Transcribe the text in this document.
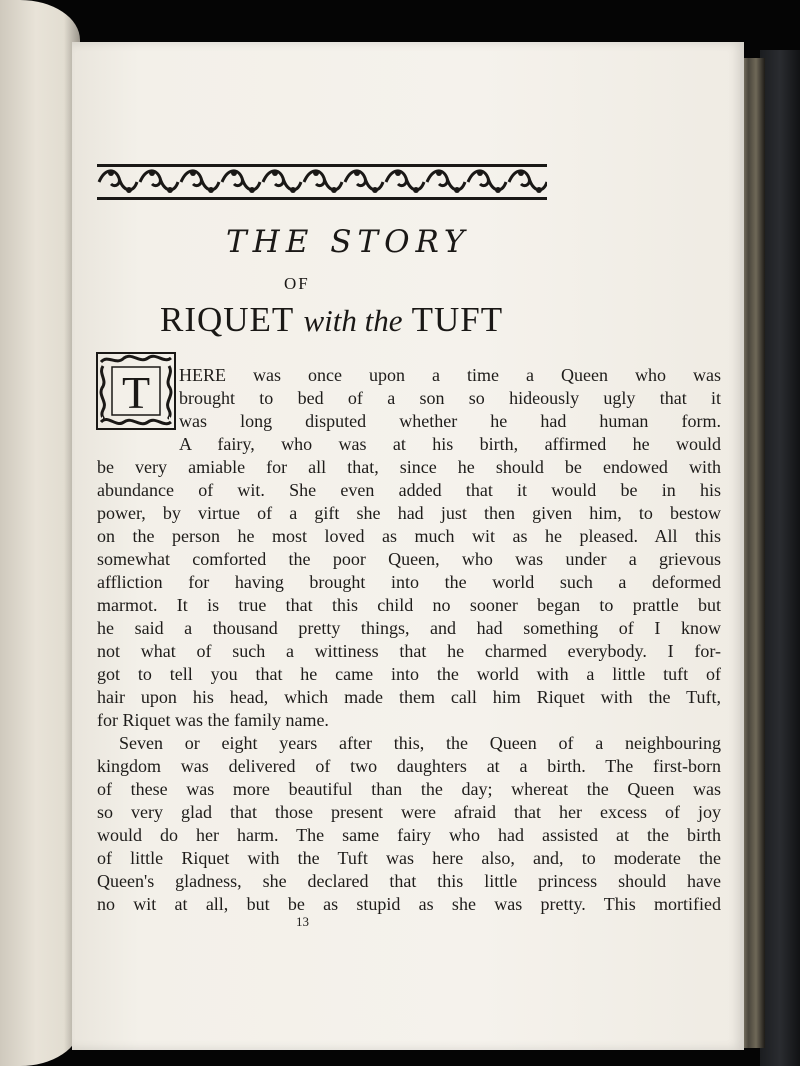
THE STORY
OF
RIQUET with the TUFT
T HERE was once upon a time a Queen who was
brought to bed of a son so hideously ugly that it
was long disputed whether he had human form.
A fairy, who was at his birth, affirmed he would
be very amiable for all that, since he should be endowed with
abundance of wit. She even added that it would be in his
power, by virtue of a gift she had just then given him, to bestow
on the person he most loved as much wit as he pleased. All this
somewhat comforted the poor Queen, who was under a grievous
affliction for having brought into the world such a deformed
marmot. It is true that this child no sooner began to prattle but
he said a thousand pretty things, and had something of I know
not what of such a wittiness that he charmed everybody. I for-
got to tell you that he came into the world with a little tuft of
hair upon his head, which made them call him Riquet with the Tuft,
for Riquet was the family name.
Seven or eight years after this, the Queen of a neighbouring
kingdom was delivered of two daughters at a birth. The first-born
of these was more beautiful than the day; whereat the Queen was
so very glad that those present were afraid that her excess of joy
would do her harm. The same fairy who had assisted at the birth
of little Riquet with the Tuft was here also, and, to moderate the
Queen's gladness, she declared that this little princess should have
no wit at all, but be as stupid as she was pretty. This mortified
13
